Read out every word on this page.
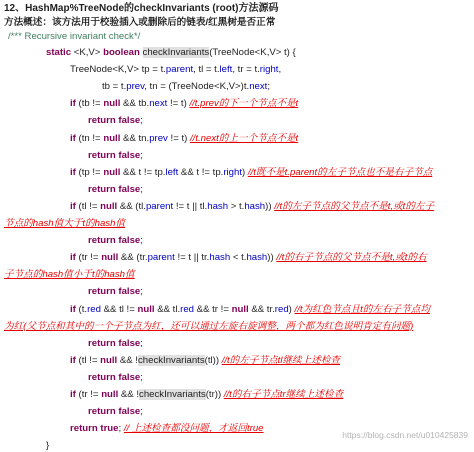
12、HashMap%TreeNode的checkInvariants (root)方法源码
方法概述：该方法用于校验插入或删除后的链表/红黑树是否正常
/*** Recursive invariant check*/
static <K,V> boolean checkInvariants(TreeNode<K,V> t) {
TreeNode<K,V> tp = t.parent, tl = t.left, tr = t.right,
tb = t.prev, tn = (TreeNode<K,V>)t.next;
if (tb != null && tb.next != t) //t.prev的下一个节点不是t
return false;
if (tn != null && tn.prev != t) //t.next的上一个节点不是t
return false;
if (tp != null && t != tp.left && t != tp.right) //t既不是t.parent的左子节点也不是右子节点
return false;
if (tl != null && (tl.parent != t || tl.hash > t.hash)) //t的左子节点的父节点不是t,或t的左子
节点的hash值大于t的hash值
return false;
if (tr != null && (tr.parent != t || tr.hash < t.hash)) //t的右子节点的父节点不是t,或t的右
子节点的hash值小于t的hash值
return false;
if (t.red && tl != null && tl.red && tr != null && tr.red) //t为红色节点且t的左右子节点均
为红(父节点和其中的一个子节点为红，还可以通过左旋右旋调整，两个都为红色说明肯定有问题)
return false;
if (tl != null && !checkInvariants(tl)) //t的左子节点tl继续上述检查
return false;
if (tr != null && !checkInvariants(tr)) //t的右子节点tr继续上述检查
return false;
return true; // 上述检查都没问题，才返回true
}
https://blog.csdn.net/u010425839
